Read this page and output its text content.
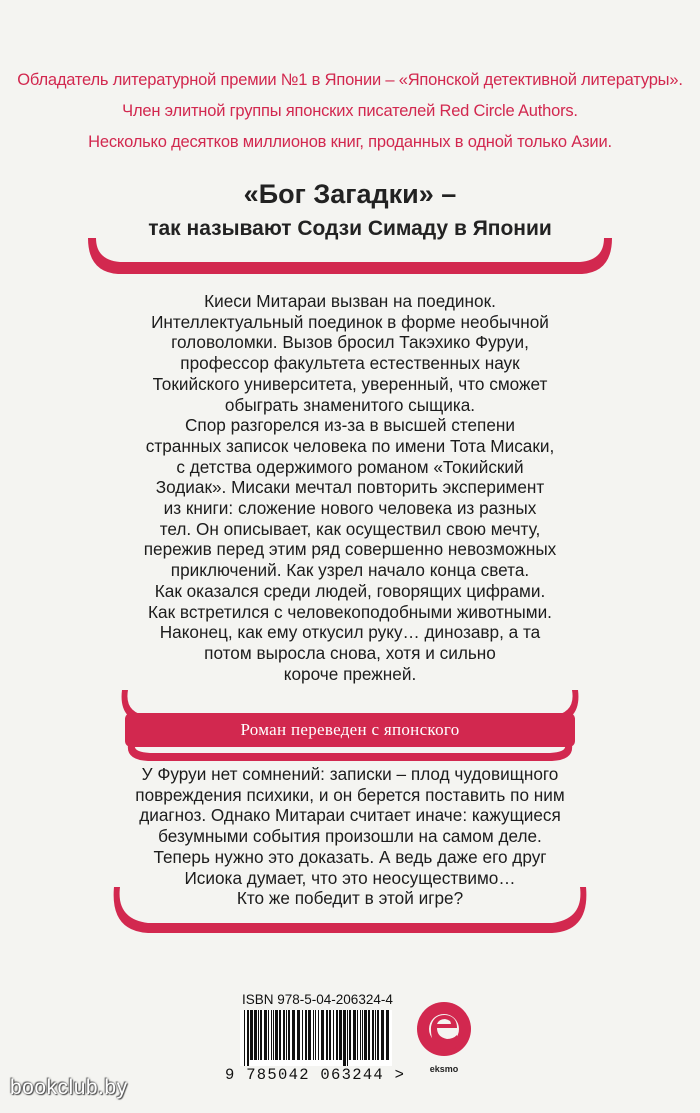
Обладатель литературной премии №1 в Японии – «Японской детективной литературы».
Член элитной группы японских писателей Red Circle Authors.
Несколько десятков миллионов книг, проданных в одной только Азии.
«Бог Загадки» –
так называют Содзи Симаду в Японии
Киеси Митараи вызван на поединок.
Интеллектуальный поединок в форме необычной
головоломки. Вызов бросил Такэхико Фуруи,
профессор факультета естественных наук
Токийского университета, уверенный, что сможет
обыграть знаменитого сыщика.
Спор разгорелся из-за в высшей степени
странных записок человека по имени Тота Мисаки,
с детства одержимого романом «Токийский
Зодиак». Мисаки мечтал повторить эксперимент
из книги: сложение нового человека из разных
тел. Он описывает, как осуществил свою мечту,
пережив перед этим ряд совершенно невозможных
приключений. Как узрел начало конца света.
Как оказался среди людей, говорящих цифрами.
Как встретился с человекоподобными животными.
Наконец, как ему откусил руку… динозавр, а та
потом выросла снова, хотя и сильно
короче прежней.
Роман переведен с японского
У Фуруи нет сомнений: записки – плод чудовищного
повреждения психики, и он берется поставить по ним
диагноз. Однако Митараи считает иначе: кажущиеся
безумными события произошли на самом деле.
Теперь нужно это доказать. А ведь даже его друг
Исиока думает, что это неосуществимо…
Кто же победит в этой игре?
ISBN 978-5-04-206324-4
9 785042 063244 >	eksmo
bookclub.by
